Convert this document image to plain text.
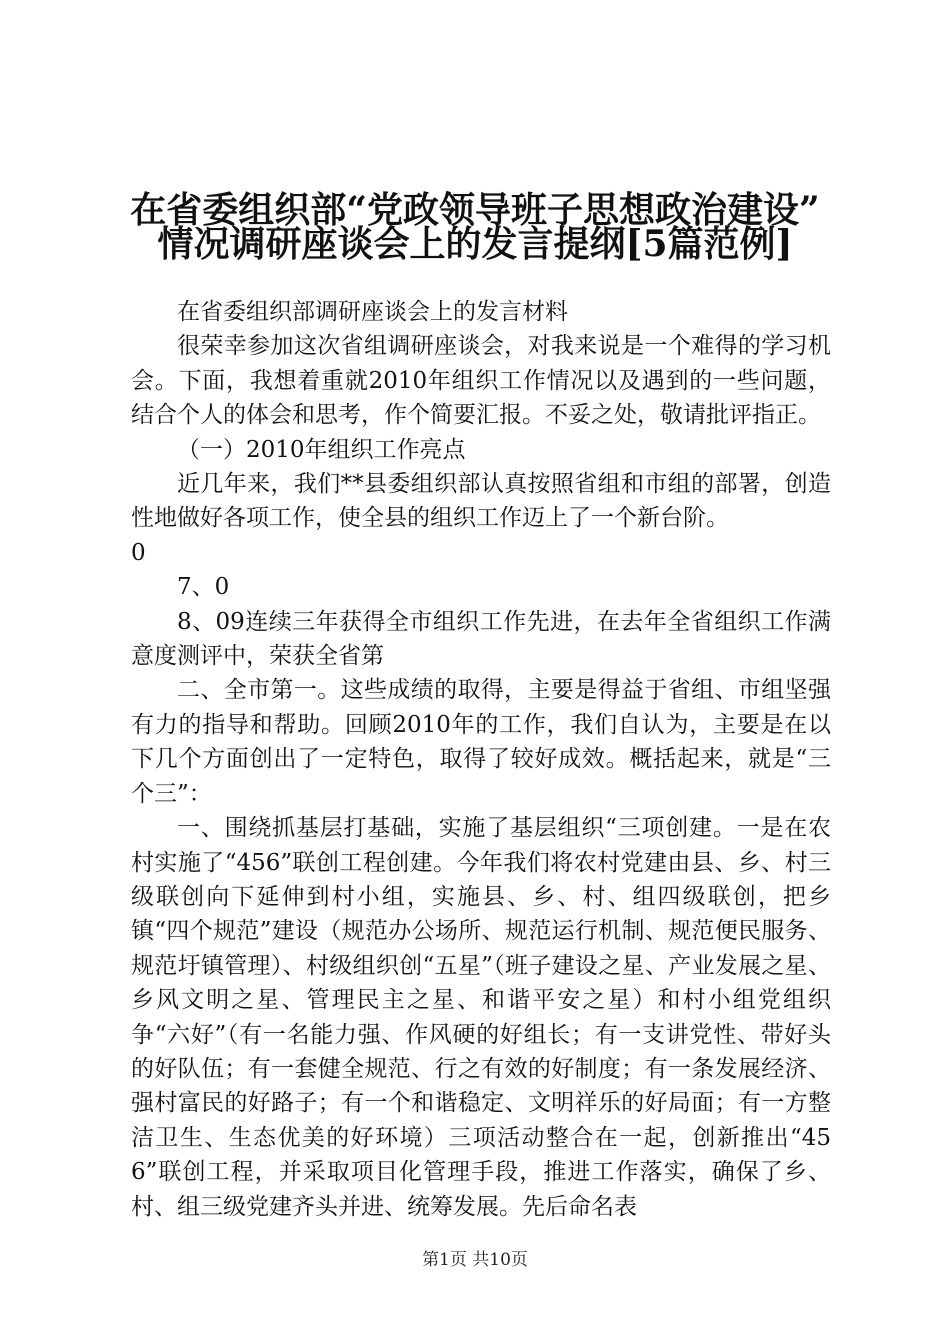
在省委组织部“党政领导班子思想政治建设”
情况调研座谈会上的发言提纲[5篇范例]

在省委组织部调研座谈会上的发言材料

很荣幸参加这次省组调研座谈会，对我来说是一个难得的学习机会。下面，我想着重就2010年组织工作情况以及遇到的一些问题，结合个人的体会和思考，作个简要汇报。不妥之处，敬请批评指正。

（一）2010年组织工作亮点

近几年来，我们**县委组织部认真按照省组和市组的部署，创造性地做好各项工作，使全县的组织工作迈上了一个新台阶。

0

7、0

8、09连续三年获得全市组织工作先进，在去年全省组织工作满意度测评中，荣获全省第

二、全市第一。这些成绩的取得，主要是得益于省组、市组坚强有力的指导和帮助。回顾2010年的工作，我们自认为，主要是在以下几个方面创出了一定特色，取得了较好成效。概括起来，就是“三个三”：

一、围绕抓基层打基础，实施了基层组织“三项创建。一是在农村实施了“456”联创工程创建。今年我们将农村党建由县、乡、村三级联创向下延伸到村小组，实施县、乡、村、组四级联创，把乡镇“四个规范”建设（规范办公场所、规范运行机制、规范便民服务、规范圩镇管理）、村级组织创“五星”（班子建设之星、产业发展之星、乡风文明之星、管理民主之星、和谐平安之星）和村小组党组织争“六好”（有一名能力强、作风硬的好组长；有一支讲党性、带好头的好队伍；有一套健全规范、行之有效的好制度；有一条发展经济、强村富民的好路子；有一个和谐稳定、文明祥乐的好局面；有一方整洁卫生、生态优美的好环境）三项活动整合在一起，创新推出“456”联创工程，并采取项目化管理手段，推进工作落实，确保了乡、村、组三级党建齐头并进、统筹发展。先后命名表

第1页 共10页
